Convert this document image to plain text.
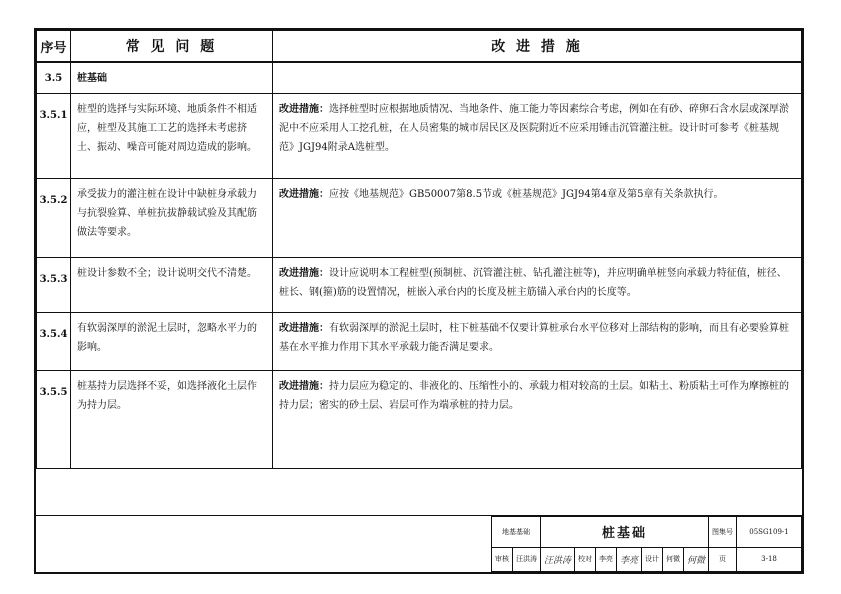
序号	常 见 问 题	改 进 措 施
3.5	桩基础	
3.5.1	桩型的选择与实际环境、地质条件不相适应，桩型及其施工工艺的选择未考虑挤土、振动、噪音可能对周边造成的影响。	改进措施：选择桩型时应根据地质情况、当地条件、施工能力等因素综合考虑，例如在有砂、碎卵石含水层或深厚淤泥中不应采用人工挖孔桩，在人员密集的城市居民区及医院附近不应采用锤击沉管灌注桩。设计时可参考《桩基规范》JGJ94附录A选桩型。
3.5.2	承受拔力的灌注桩在设计中缺桩身承载力与抗裂验算、单桩抗拔静载试验及其配筋做法等要求。	改进措施：应按《地基规范》GB50007第8.5节或《桩基规范》JGJ94第4章及第5章有关条款执行。
3.5.3	桩设计参数不全；设计说明交代不清楚。	改进措施：设计应说明本工程桩型(预制桩、沉管灌注桩、钻孔灌注桩等)，并应明确单桩竖向承载力特征值，桩径、桩长、钢(箍)筋的设置情况，桩嵌入承台内的长度及桩主筋锚入承台内的长度等。
3.5.4	有软弱深厚的淤泥土层时，忽略水平力的影响。	改进措施：有软弱深厚的淤泥土层时，柱下桩基础不仅要计算桩承台水平位移对上部结构的影响，而且有必要验算桩基在水平推力作用下其水平承载力能否满足要求。
3.5.5	桩基持力层选择不妥，如选择液化土层作为持力层。	改进措施：持力层应为稳定的、非液化的、压缩性小的、承载力相对较高的土层。如粘土、粉质粘土可作为摩擦桩的持力层；密实的砂土层、岩层可作为端承桩的持力层。
地基基础		桩基础							图集号	05SG109-1
审核	汪洪涛	汪洪涛	校对	李亮	李亮	设计	何微	何微	页	3-18
